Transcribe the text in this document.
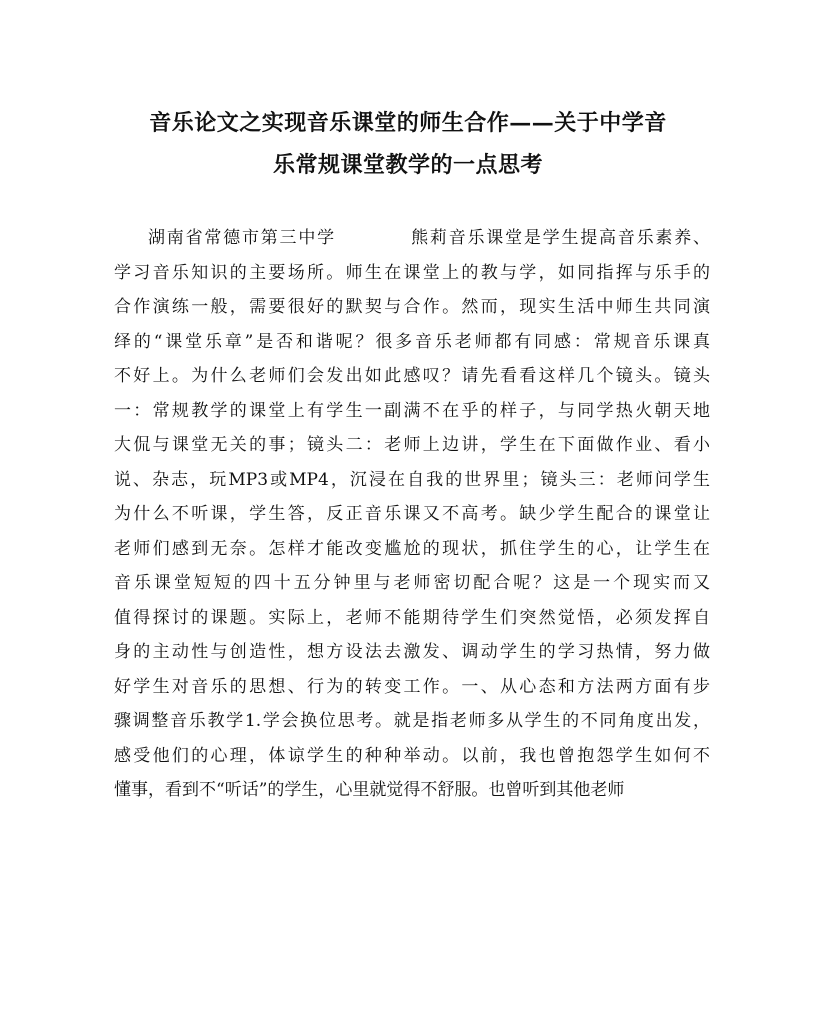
音乐论文之实现音乐课堂的师生合作——关于中学音
乐常规课堂教学的一点思考
湖南省常德市第三中学　　　　熊莉音乐课堂是学生提高音乐素养、
学习音乐知识的主要场所。师生在课堂上的教与学，如同指挥与乐手的
合作演练一般，需要很好的默契与合作。然而，现实生活中师生共同演
绎的“课堂乐章”是否和谐呢？很多音乐老师都有同感：常规音乐课真
不好上。为什么老师们会发出如此感叹？请先看看这样几个镜头。镜头
一：常规教学的课堂上有学生一副满不在乎的样子，与同学热火朝天地
大侃与课堂无关的事；镜头二：老师上边讲，学生在下面做作业、看小
说、杂志，玩MP3或MP4，沉浸在自我的世界里；镜头三：老师问学生
为什么不听课，学生答，反正音乐课又不高考。缺少学生配合的课堂让
老师们感到无奈。怎样才能改变尴尬的现状，抓住学生的心，让学生在
音乐课堂短短的四十五分钟里与老师密切配合呢？这是一个现实而又
值得探讨的课题。实际上，老师不能期待学生们突然觉悟，必须发挥自
身的主动性与创造性，想方设法去激发、调动学生的学习热情，努力做
好学生对音乐的思想、行为的转变工作。一、从心态和方法两方面有步
骤调整音乐教学1.学会换位思考。就是指老师多从学生的不同角度出发，
感受他们的心理，体谅学生的种种举动。以前，我也曾抱怨学生如何不
懂事，看到不“听话”的学生，心里就觉得不舒服。也曾听到其他老师
